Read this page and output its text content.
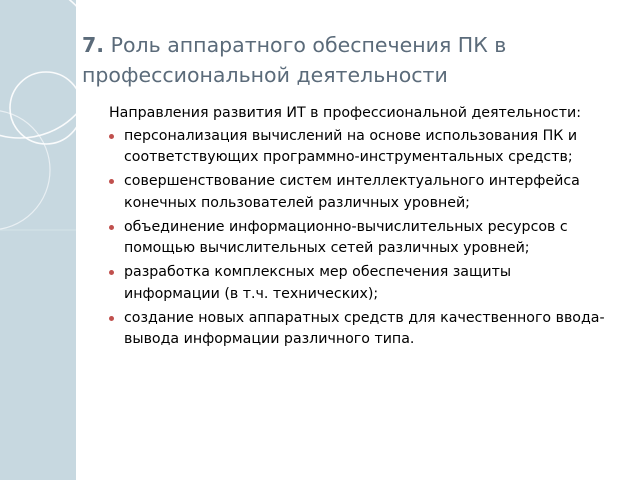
7. Роль аппаратного обеспечения ПК в профессиональной деятельности

Направления развития ИТ в профессиональной деятельности:

персонализация вычислений на основе использования ПК и соответствующих программно-инструментальных средств;
совершенствование систем интеллектуального интерфейса конечных пользователей различных уровней;
объединение информационно-вычислительных ресурсов с помощью вычислительных сетей различных уровней;
разработка комплексных мер обеспечения защиты информации (в т.ч. технических);
создание новых аппаратных средств для качественного ввода-вывода информации различного типа.
